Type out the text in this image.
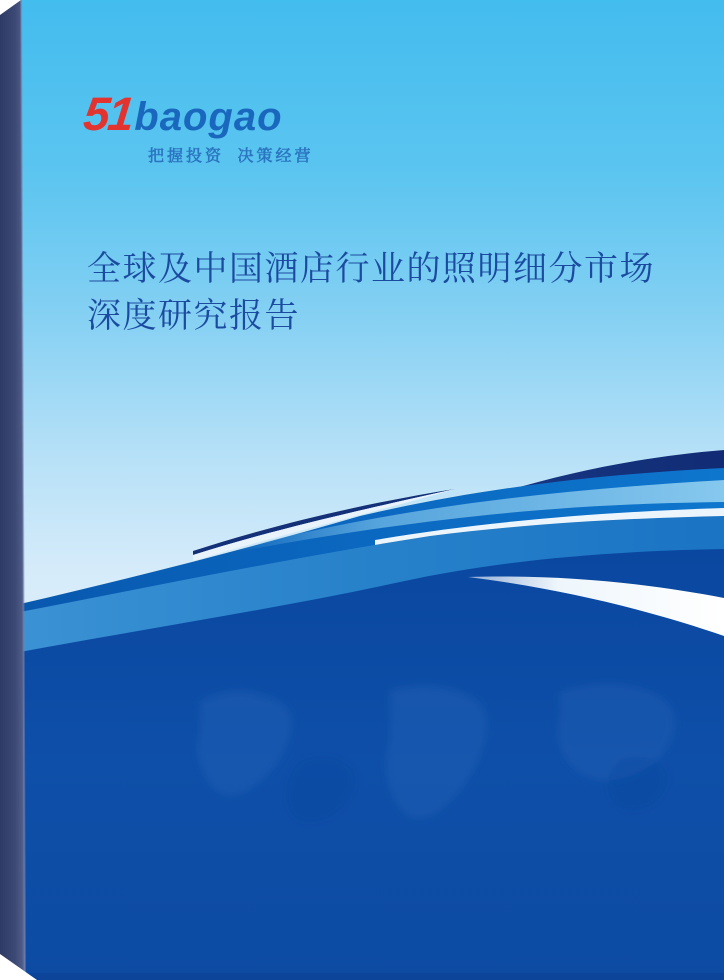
51 baogao
把握投资 决策经营
全球及中国酒店行业的照明细分市场
深度研究报告
